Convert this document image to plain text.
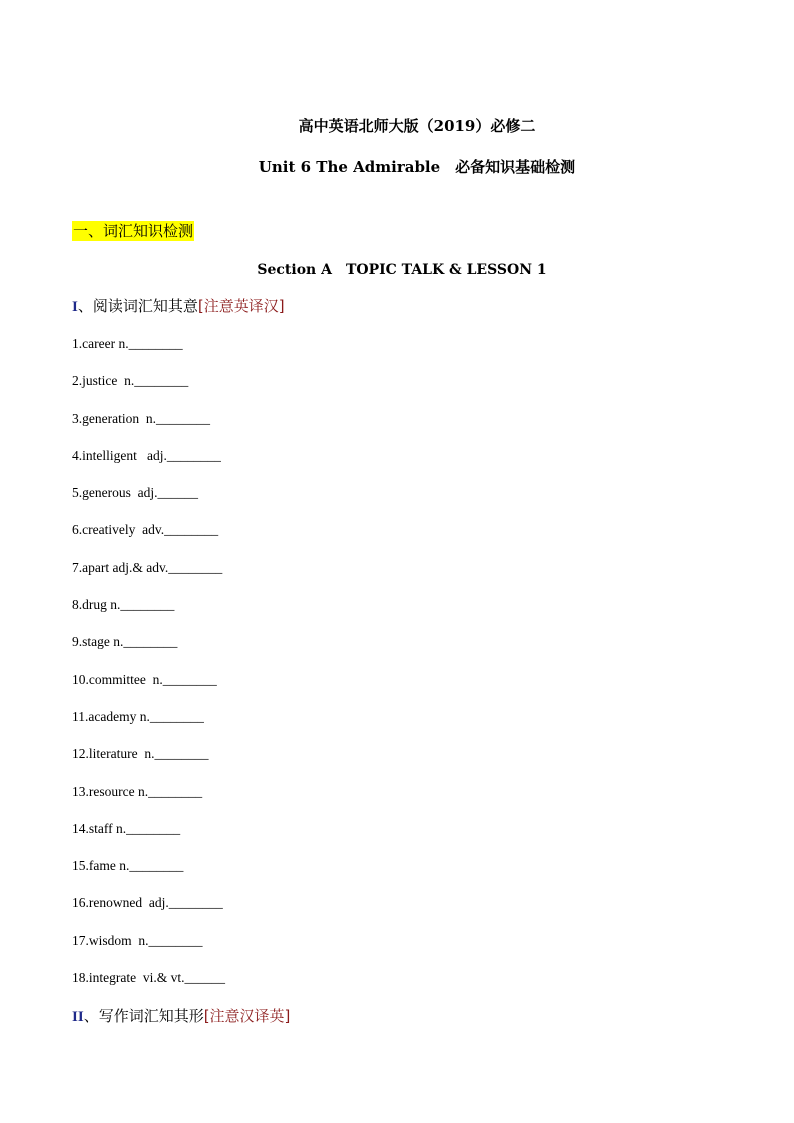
高中英语北师大版（2019）必修二
Unit 6 The Admirable　必备知识基础检测
一、词汇知识检测
Section A　TOPIC TALK & LESSON 1
I、阅读词汇知其意[注意英译汉]
1.career n.________
2.justice  n.________
3.generation  n.________
4.intelligent   adj.________
5.generous  adj.______
6.creatively  adv.________
7.apart adj.& adv.________
8.drug n.________
9.stage n.________
10.committee  n.________
11.academy n.________
12.literature  n.________
13.resource n.________
14.staff n.________
15.fame n.________
16.renowned  adj.________
17.wisdom  n.________
18.integrate  vi.& vt.______
II、写作词汇知其形[注意汉译英]
